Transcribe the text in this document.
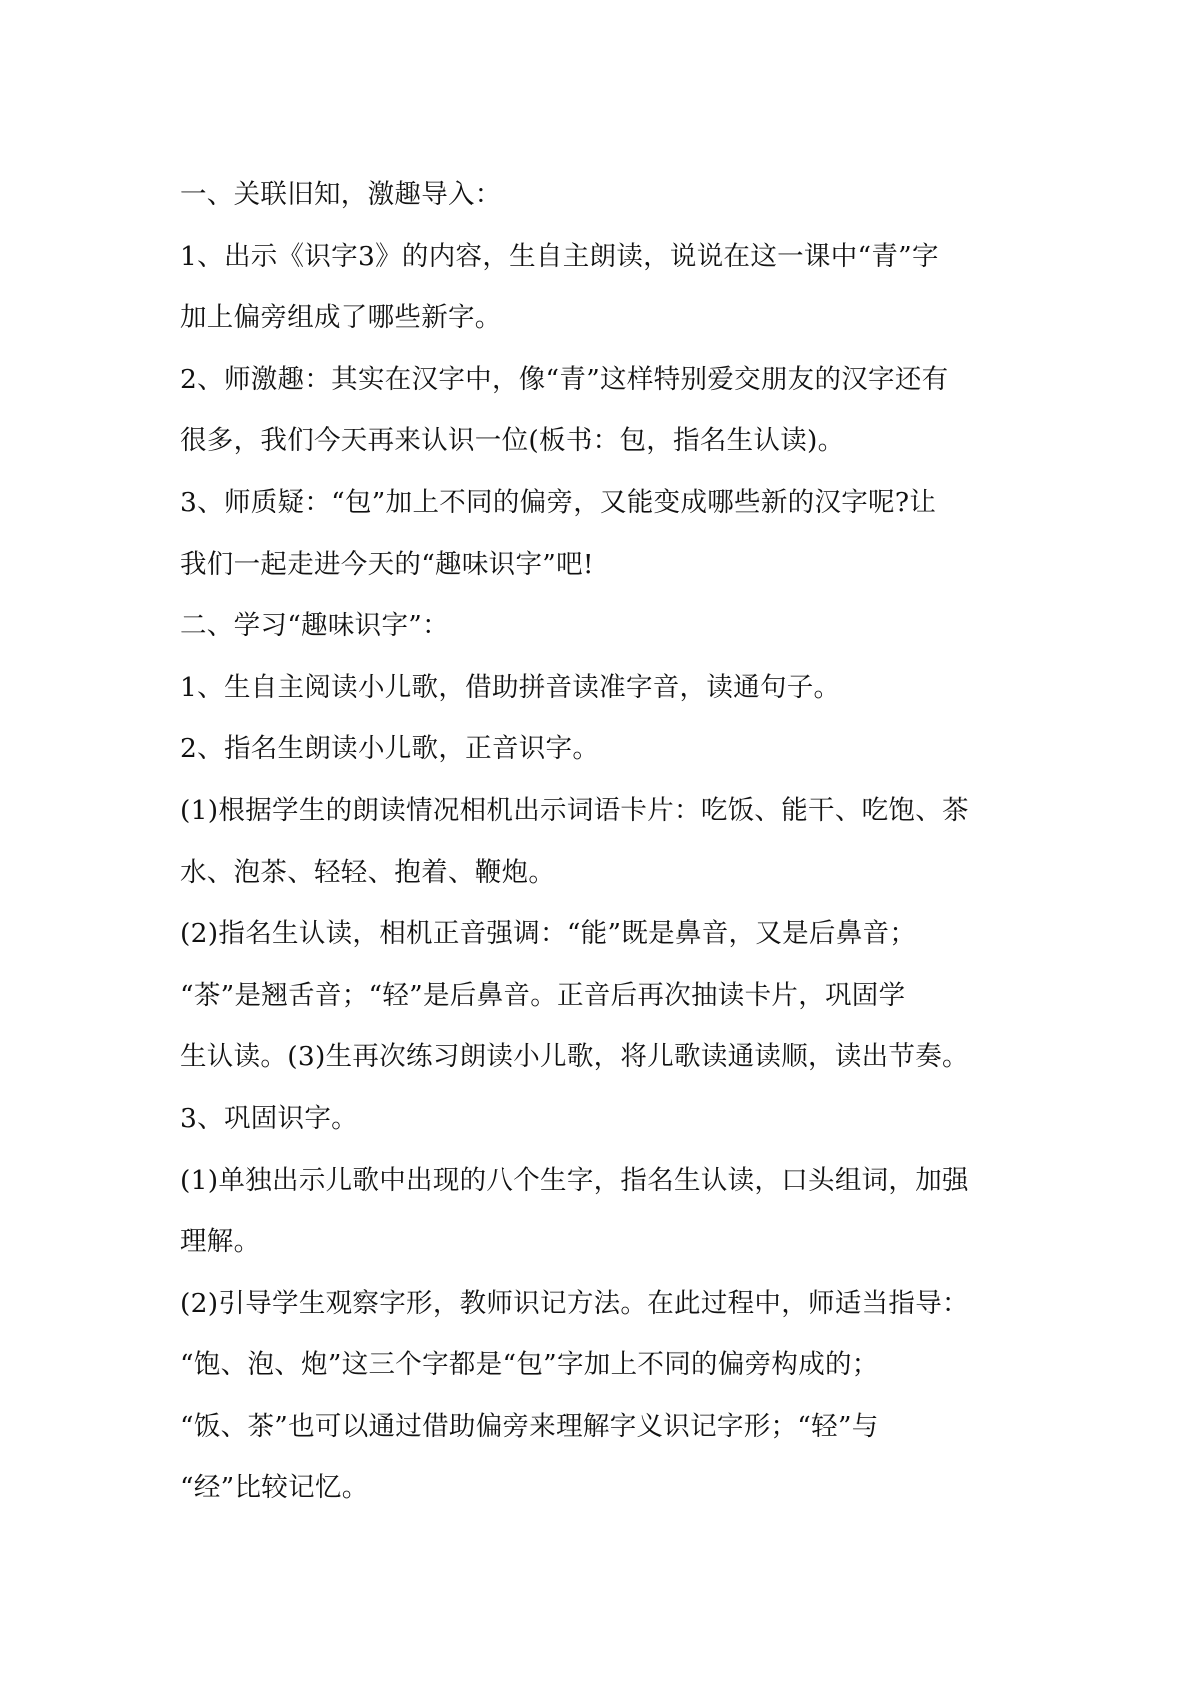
一、关联旧知，激趣导入：
1、出示《识字3》的内容，生自主朗读，说说在这一课中“青”字
加上偏旁组成了哪些新字。
2、师激趣：其实在汉字中，像“青”这样特别爱交朋友的汉字还有
很多，我们今天再来认识一位(板书：包，指名生认读)。
3、师质疑：“包”加上不同的偏旁，又能变成哪些新的汉字呢?让
我们一起走进今天的“趣味识字”吧!
二、学习“趣味识字”：
1、生自主阅读小儿歌，借助拼音读准字音，读通句子。
2、指名生朗读小儿歌，正音识字。
(1)根据学生的朗读情况相机出示词语卡片：吃饭、能干、吃饱、茶
水、泡茶、轻轻、抱着、鞭炮。
(2)指名生认读，相机正音强调：“能”既是鼻音，又是后鼻音；
“茶”是翘舌音；“轻”是后鼻音。正音后再次抽读卡片，巩固学
生认读。(3)生再次练习朗读小儿歌，将儿歌读通读顺，读出节奏。
3、巩固识字。
(1)单独出示儿歌中出现的八个生字，指名生认读，口头组词，加强
理解。
(2)引导学生观察字形，教师识记方法。在此过程中，师适当指导：
“饱、泡、炮”这三个字都是“包”字加上不同的偏旁构成的；
“饭、茶”也可以通过借助偏旁来理解字义识记字形；“轻”与
“经”比较记忆。
